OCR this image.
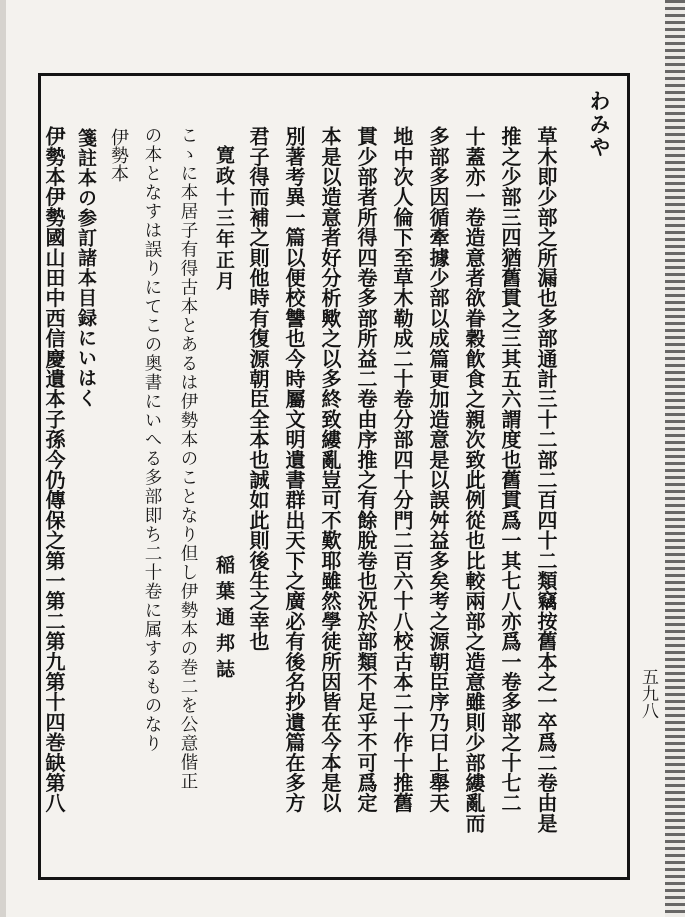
五九八
わみや
草木即少部之所漏也多部通計三十二部二百四十二類竊按舊本之一卒爲二卷由是
推之少部三四猶舊貫之三其五六謂度也舊貫爲一其七八亦爲一卷多部之十七二
十蓋亦一卷造意者欲眷穀飮食之親次致此例從也比較兩部之造意雖則少部縷亂而
多部多因循牽據少部以成篇更加造意是以誤舛益多矣考之源朝臣序乃曰上舉天
地中次人倫下至草木勒成二十卷分部四十分門二百六十八校古本二十作十推舊
貫少部者所得四卷多部所益二卷由序推之有餘脫卷也況於部類不足乎不可爲定
本是以造意者好分析歟之以多終致縷亂豈可不歎耶雖然學徒所因皆在今本是以
別著考異一篇以便校讐也今時屬文明遺書群出天下之廣必有後名抄遺篇在多方
君子得而補之則他時有復源朝臣全本也誠如此則後生之幸也
寛政十三年正月
稲葉通邦誌
こゝに本居子有得古本とあるは伊勢本のことなり但し伊勢本の巻二を公意偕正
の本となすは誤りにてこの奥書にいへる多部即ち二十卷に属するものなり
伊勢本
箋註本の参訂諸本目録にいはく
伊勢本伊勢國山田中西信慶遺本子孫今仍傳保之第一第二第九第十四巻缺第八
